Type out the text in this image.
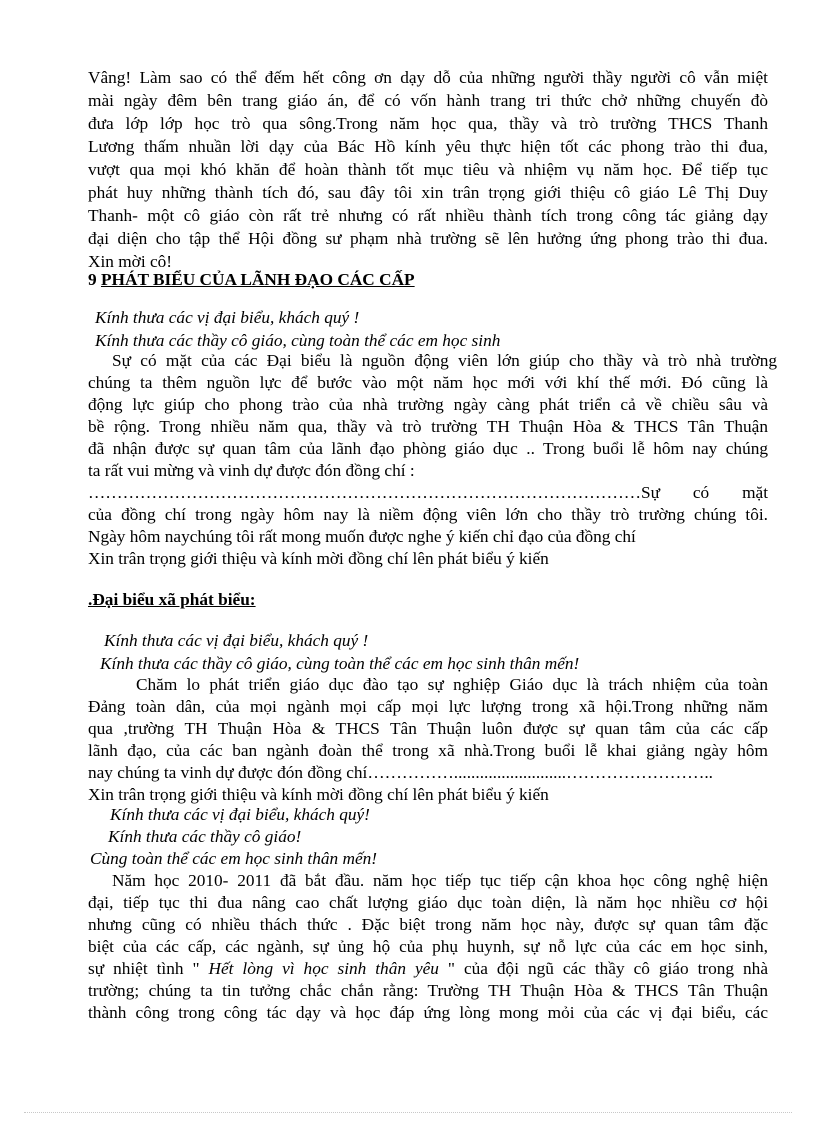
Vâng! Làm sao có thể đếm hết công ơn dạy dỗ của những người thầy người cô vẫn miệt
mài ngày đêm bên trang giáo án, để có vốn hành trang tri thức chở những chuyến đò
đưa lớp lớp học trò qua sông.Trong năm học qua, thầy và trò trường THCS Thanh
Lương thấm nhuần lời dạy của Bác Hồ kính yêu thực hiện tốt các phong trào thi đua,
vượt qua mọi khó khăn để hoàn thành tốt mục tiêu và nhiệm vụ năm học. Để tiếp tục
phát huy những thành tích đó, sau đây tôi xin trân trọng giới thiệu cô giáo Lê Thị Duy
Thanh- một cô giáo còn rất trẻ nhưng có rất nhiều thành tích trong công tác giảng dạy
đại diện cho tập thể Hội đồng sư phạm nhà trường sẽ lên hưởng ứng phong trào thi đua.
Xin mời cô!
9 PHÁT BIỂU CỦA LÃNH ĐẠO CÁC CẤP
Kính thưa các vị đại biểu, khách quý !
Kính thưa các thầy cô giáo, cùng toàn thể các em học sinh
Sự có mặt của các Đại biểu là nguồn động viên lớn giúp cho thầy và trò nhà trường
chúng ta thêm nguồn lực để bước vào một năm học mới với khí thế mới. Đó cũng là
động lực giúp cho phong trào của nhà trường ngày càng phát triển cả về chiều sâu và
bề rộng. Trong nhiều năm qua, thầy và trò trường TH Thuận Hòa & THCS Tân Thuận
đã nhận được sự quan tâm của lãnh đạo phòng giáo dục .. Trong buổi lễ hôm nay chúng
ta rất vui mừng và vinh dự được đón đồng chí :
……………………………………………………………………………………Sự có mặt
của đồng chí trong ngày hôm nay là niềm động viên lớn cho thầy trò trường chúng tôi.
Ngày hôm naychúng tôi rất mong muốn được nghe ý kiến chỉ đạo của đồng chí
Xin trân trọng giới thiệu và kính mời đồng chí lên phát biểu ý kiến
.Đại biểu xã phát biểu:
Kính thưa các vị đại biểu, khách quý !
Kính thưa các thầy cô giáo, cùng toàn thể các em học sinh thân mến!
Chăm lo phát triển giáo dục đào tạo sự nghiệp Giáo dục là trách nhiệm của toàn
Đảng toàn dân, của mọi ngành mọi cấp mọi lực lượng trong xã hội.Trong những năm
qua ,trường TH Thuận Hòa & THCS Tân Thuận luôn được sự quan tâm của các cấp
lãnh đạo, của các ban ngành đoàn thể trong xã nhà.Trong buổi lễ khai giảng ngày hôm
nay chúng ta vinh dự được đón đồng chí……………..........................……………………..
Xin trân trọng giới thiệu và kính mời đồng chí lên phát biểu ý kiến
Kính thưa các vị đại biểu, khách quý!
Kính thưa các thầy cô giáo!
Cùng toàn thể các em học sinh thân mến!
Năm học 2010- 2011 đã bắt đầu. năm học tiếp tục tiếp cận khoa học công nghệ hiện
đại, tiếp tục thi đua nâng cao chất lượng giáo dục toàn diện, là năm học nhiều cơ hội
nhưng cũng có nhiều thách thức . Đặc biệt trong năm học này, được sự quan tâm đặc
biệt của các cấp, các ngành, sự ủng hộ của phụ huynh, sự nỗ lực của các em học sinh,
sự nhiệt tình " Hết lòng vì học sinh thân yêu " của đội ngũ các thầy cô giáo trong nhà
trường; chúng ta tin tưởng chắc chắn rằng: Trường TH Thuận Hòa & THCS Tân Thuận
thành công trong công tác dạy và học đáp ứng lòng mong mỏi của các vị đại biểu, các
